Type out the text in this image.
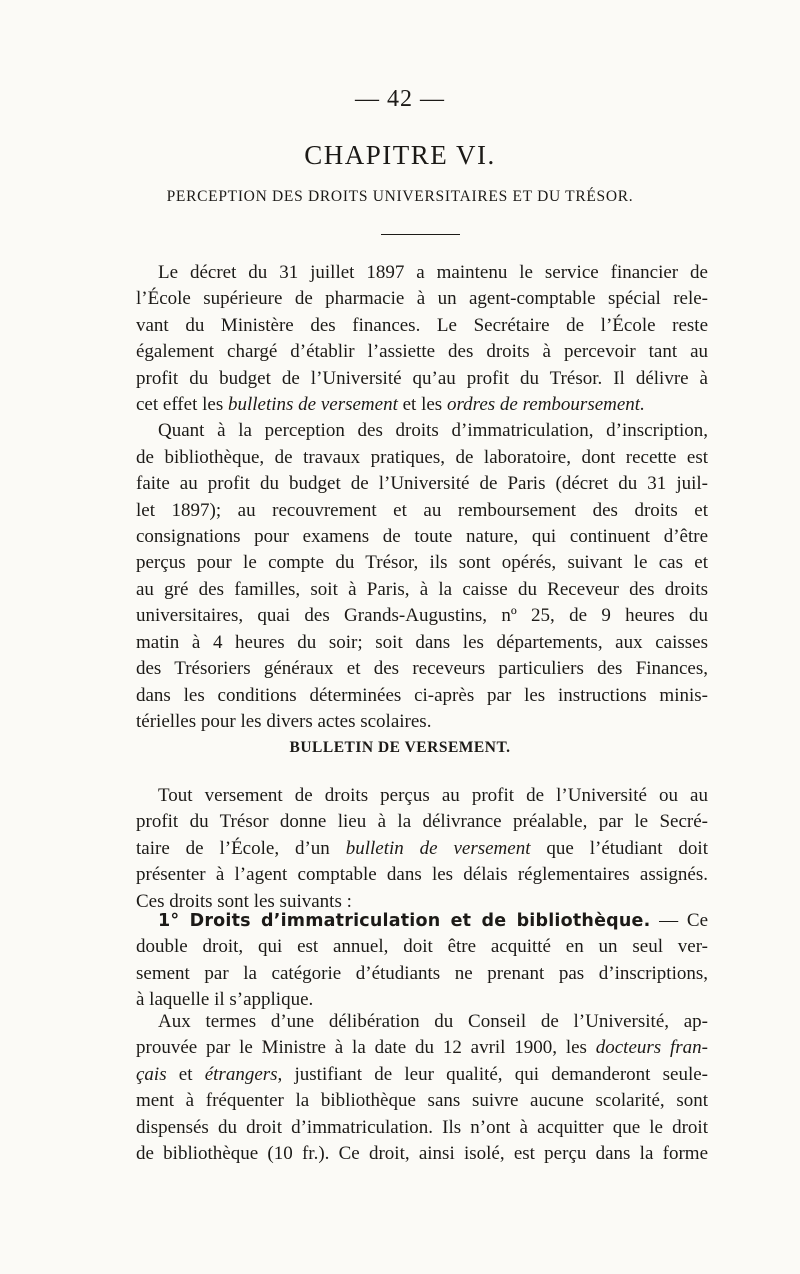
— 42 —
CHAPITRE VI.
PERCEPTION DES DROITS UNIVERSITAIRES ET DU TRÉSOR.

Le décret du 31 juillet 1897 a maintenu le service financier de
l’École supérieure de pharmacie à un agent-comptable spécial rele-
vant du Ministère des finances. Le Secrétaire de l’École reste
également chargé d’établir l’assiette des droits à percevoir tant au
profit du budget de l’Université qu’au profit du Trésor. Il délivre à
cet effet les bulletins de versement et les ordres de remboursement.

Quant à la perception des droits d’immatriculation, d’inscription,
de bibliothèque, de travaux pratiques, de laboratoire, dont recette est
faite au profit du budget de l’Université de Paris (décret du 31 juil-
let 1897); au recouvrement et au remboursement des droits et
consignations pour examens de toute nature, qui continuent d’être
perçus pour le compte du Trésor, ils sont opérés, suivant le cas et
au gré des familles, soit à Paris, à la caisse du Receveur des droits
universitaires, quai des Grands-Augustins, nº 25, de 9 heures du
matin à 4 heures du soir; soit dans les départements, aux caisses
des Trésoriers généraux et des receveurs particuliers des Finances,
dans les conditions déterminées ci-après par les instructions minis-
térielles pour les divers actes scolaires.

BULLETIN DE VERSEMENT.

Tout versement de droits perçus au profit de l’Université ou au
profit du Trésor donne lieu à la délivrance préalable, par le Secré-
taire de l’École, d’un bulletin de versement que l’étudiant doit
présenter à l’agent comptable dans les délais réglementaires assignés.
Ces droits sont les suivants :

1° Droits d’immatriculation et de bibliothèque. — Ce
double droit, qui est annuel, doit être acquitté en un seul ver-
sement par la catégorie d’étudiants ne prenant pas d’inscriptions,
à laquelle il s’applique.

Aux termes d’une délibération du Conseil de l’Université, ap-
prouvée par le Ministre à la date du 12 avril 1900, les docteurs fran-
çais et étrangers, justifiant de leur qualité, qui demanderont seule-
ment à fréquenter la bibliothèque sans suivre aucune scolarité, sont
dispensés du droit d’immatriculation. Ils n’ont à acquitter que le droit
de bibliothèque (10 fr.). Ce droit, ainsi isolé, est perçu dans la forme
